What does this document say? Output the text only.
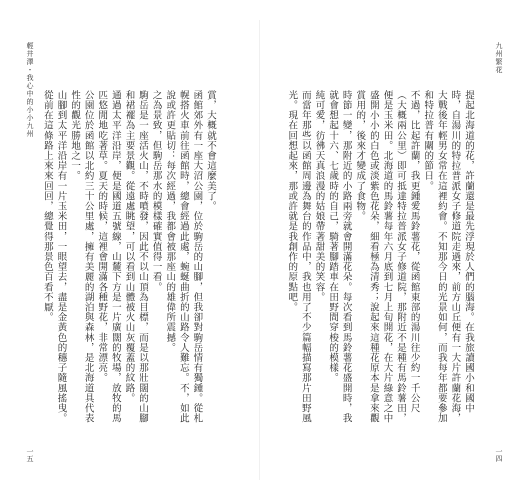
九州繁花
一四

提起北海道的花，許蘭還是最先浮現於人們的腦海。在我旅讀國小和國中時，自湯川的特拉普派女子修道院走過來，前方山丘便有一大片許蘭花海，大戰後年輕男女常在這裡約會。不知那今日的光景如何，而我每年都要參加和特拉普有關的節日。

不過，比起許蘭，我更鍾愛馬鈴薯花，從函館東部的湯川往少約一千公尺（大概兩公里）即可抵達特拉普派女子修道院，那附近不是種有馬鈴薯田，便是玉米田。北海道的馬鈴薯每年六月底到七月上旬開花，在大片綠意之中盛開小小的白色或淡紫色花朵，細看極為清秀；說起來這種花原本是拿來觀賞用的，後來才變成了食物。

時節一變，那附近的小路兩旁就會開滿花朵。每次看到馬鈴薯花盛開時，我就會想起十六、七歲時的自己，騎著腳踏車在田野間穿梭的模樣。

純可愛，彷彿天真浪漫的姑娘帶著甜美的笑容。

而當年那些以函館周邊為舞台的作品中，我也用了不少篇幅描寫那片田野風光。現在回想起來，那或許就是我創作的原點吧。

輕井澤・我心中的小小九州
一五

賞，大概就不會這麼美了。

函館郊外有一座大沼公園，位於駒岳的山腳，但我卻對駒岳情有獨鍾。從札幌搭火車前往函館時，總會經過此處，蜿蜒曲折的山路令人難忘。不，如此說或許更貼切：每次經過，我都會被那座山的雄偉所震撼。

之為景致，但駒岳那水的模樣確實值得一看。

駒岳是一座活火山，不時噴發，因此不以山頂為目標，而是以那壯闊的山腳和裙襬為主要景觀。從遠處眺望，可以看到山體被火山灰覆蓋的紋路。

通過太平洋沿岸，便是國道五號線，山麓下方是一片廣闊的牧場，放牧的馬匹悠閒地吃著草。夏天的時候，這裡會開滿各種野花，非常漂亮。

公園位於函館以北約三十公里處，擁有美麗的湖泊與森林，是北海道具代表性的觀光勝地之一。

山腳到太平洋沿岸有一片玉米田，一眼望去，盡是金黃色的穗子隨風搖曳。從前在這條路上來來回回，總覺得那景色百看不厭。
